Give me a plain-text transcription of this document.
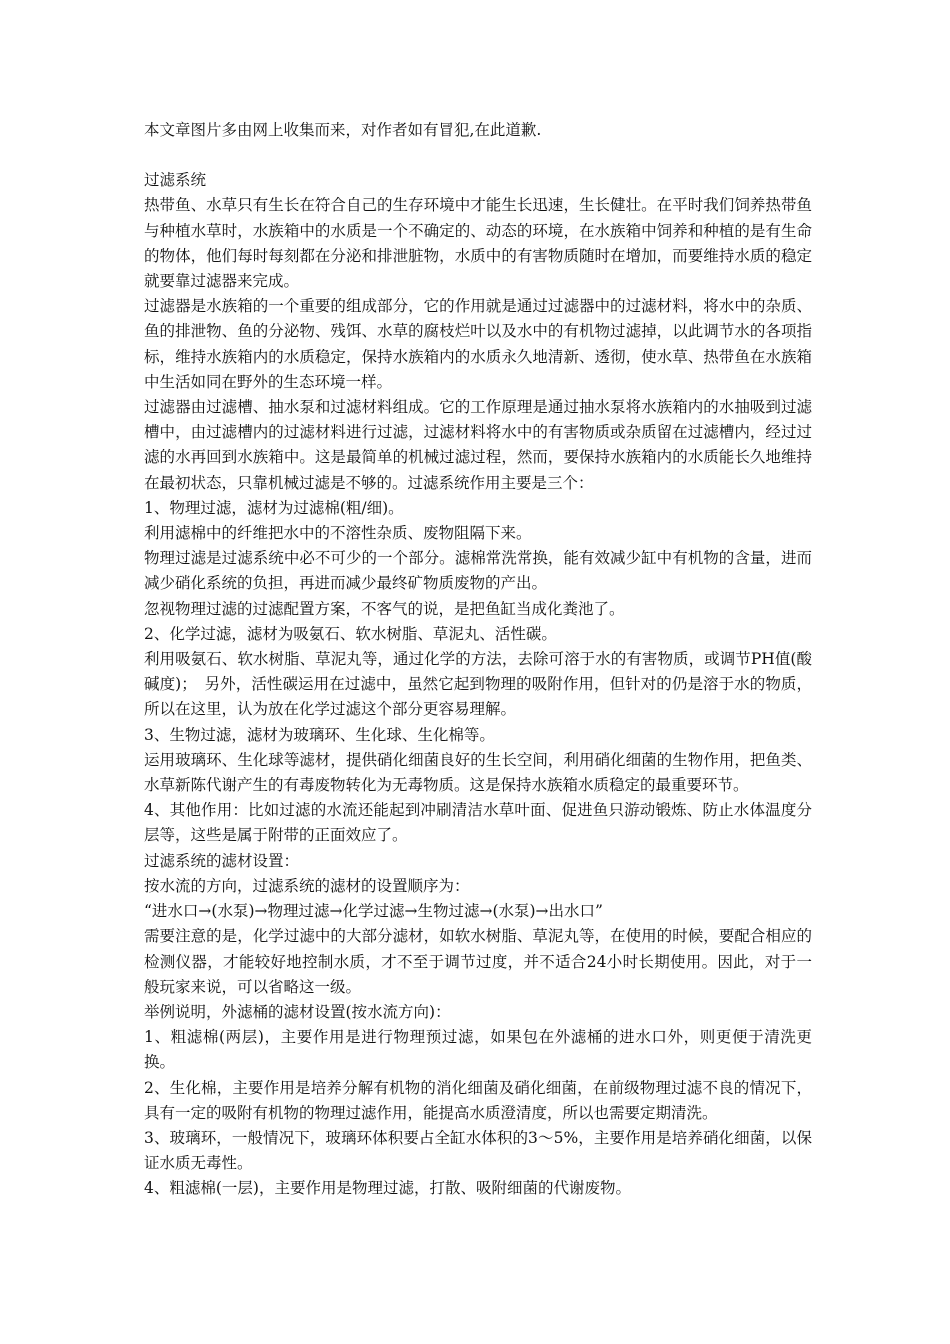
本文章图片多由网上收集而来，对作者如有冒犯,在此道歉.

过滤系统

热带鱼、水草只有生长在符合自己的生存环境中才能生长迅速，生长健壮。在平时我们饲养热带鱼与种植水草时，水族箱中的水质是一个不确定的、动态的环境，在水族箱中饲养和种植的是有生命的物体，他们每时每刻都在分泌和排泄脏物，水质中的有害物质随时在增加，而要维持水质的稳定就要靠过滤器来完成。

过滤器是水族箱的一个重要的组成部分，它的作用就是通过过滤器中的过滤材料，将水中的杂质、鱼的排泄物、鱼的分泌物、残饵、水草的腐枝烂叶以及水中的有机物过滤掉，以此调节水的各项指标，维持水族箱内的水质稳定，保持水族箱内的水质永久地清新、透彻，使水草、热带鱼在水族箱中生活如同在野外的生态环境一样。

过滤器由过滤槽、抽水泵和过滤材料组成。它的工作原理是通过抽水泵将水族箱内的水抽吸到过滤槽中，由过滤槽内的过滤材料进行过滤，过滤材料将水中的有害物质或杂质留在过滤槽内，经过过滤的水再回到水族箱中。这是最简单的机械过滤过程，然而，要保持水族箱内的水质能长久地维持在最初状态，只靠机械过滤是不够的。过滤系统作用主要是三个：

1、物理过滤，滤材为过滤棉(粗/细)。

利用滤棉中的纤维把水中的不溶性杂质、废物阻隔下来。

物理过滤是过滤系统中必不可少的一个部分。滤棉常洗常换，能有效减少缸中有机物的含量，进而减少硝化系统的负担，再进而减少最终矿物质废物的产出。

忽视物理过滤的过滤配置方案，不客气的说，是把鱼缸当成化粪池了。

2、化学过滤，滤材为吸氨石、软水树脂、草泥丸、活性碳。

利用吸氨石、软水树脂、草泥丸等，通过化学的方法，去除可溶于水的有害物质，或调节PH值(酸碱度)；　另外，活性碳运用在过滤中，虽然它起到物理的吸附作用，但针对的仍是溶于水的物质，所以在这里，认为放在化学过滤这个部分更容易理解。

3、生物过滤，滤材为玻璃环、生化球、生化棉等。

运用玻璃环、生化球等滤材，提供硝化细菌良好的生长空间，利用硝化细菌的生物作用，把鱼类、水草新陈代谢产生的有毒废物转化为无毒物质。这是保持水族箱水质稳定的最重要环节。

4、其他作用：比如过滤的水流还能起到冲刷清洁水草叶面、促进鱼只游动锻炼、防止水体温度分层等，这些是属于附带的正面效应了。

过滤系统的滤材设置：

按水流的方向，过滤系统的滤材的设置顺序为：

“进水口→(水泵)→物理过滤→化学过滤→生物过滤→(水泵)→出水口”

需要注意的是，化学过滤中的大部分滤材，如软水树脂、草泥丸等，在使用的时候，要配合相应的检测仪器，才能较好地控制水质，才不至于调节过度，并不适合24小时长期使用。因此，对于一般玩家来说，可以省略这一级。

举例说明，外滤桶的滤材设置(按水流方向)：

1、粗滤棉(两层)，主要作用是进行物理预过滤，如果包在外滤桶的进水口外，则更便于清洗更换。

2、生化棉，主要作用是培养分解有机物的消化细菌及硝化细菌，在前级物理过滤不良的情况下，具有一定的吸附有机物的物理过滤作用，能提高水质澄清度，所以也需要定期清洗。

3、玻璃环，一般情况下，玻璃环体积要占全缸水体积的3～5%，主要作用是培养硝化细菌，以保证水质无毒性。

4、粗滤棉(一层)，主要作用是物理过滤，打散、吸附细菌的代谢废物。
